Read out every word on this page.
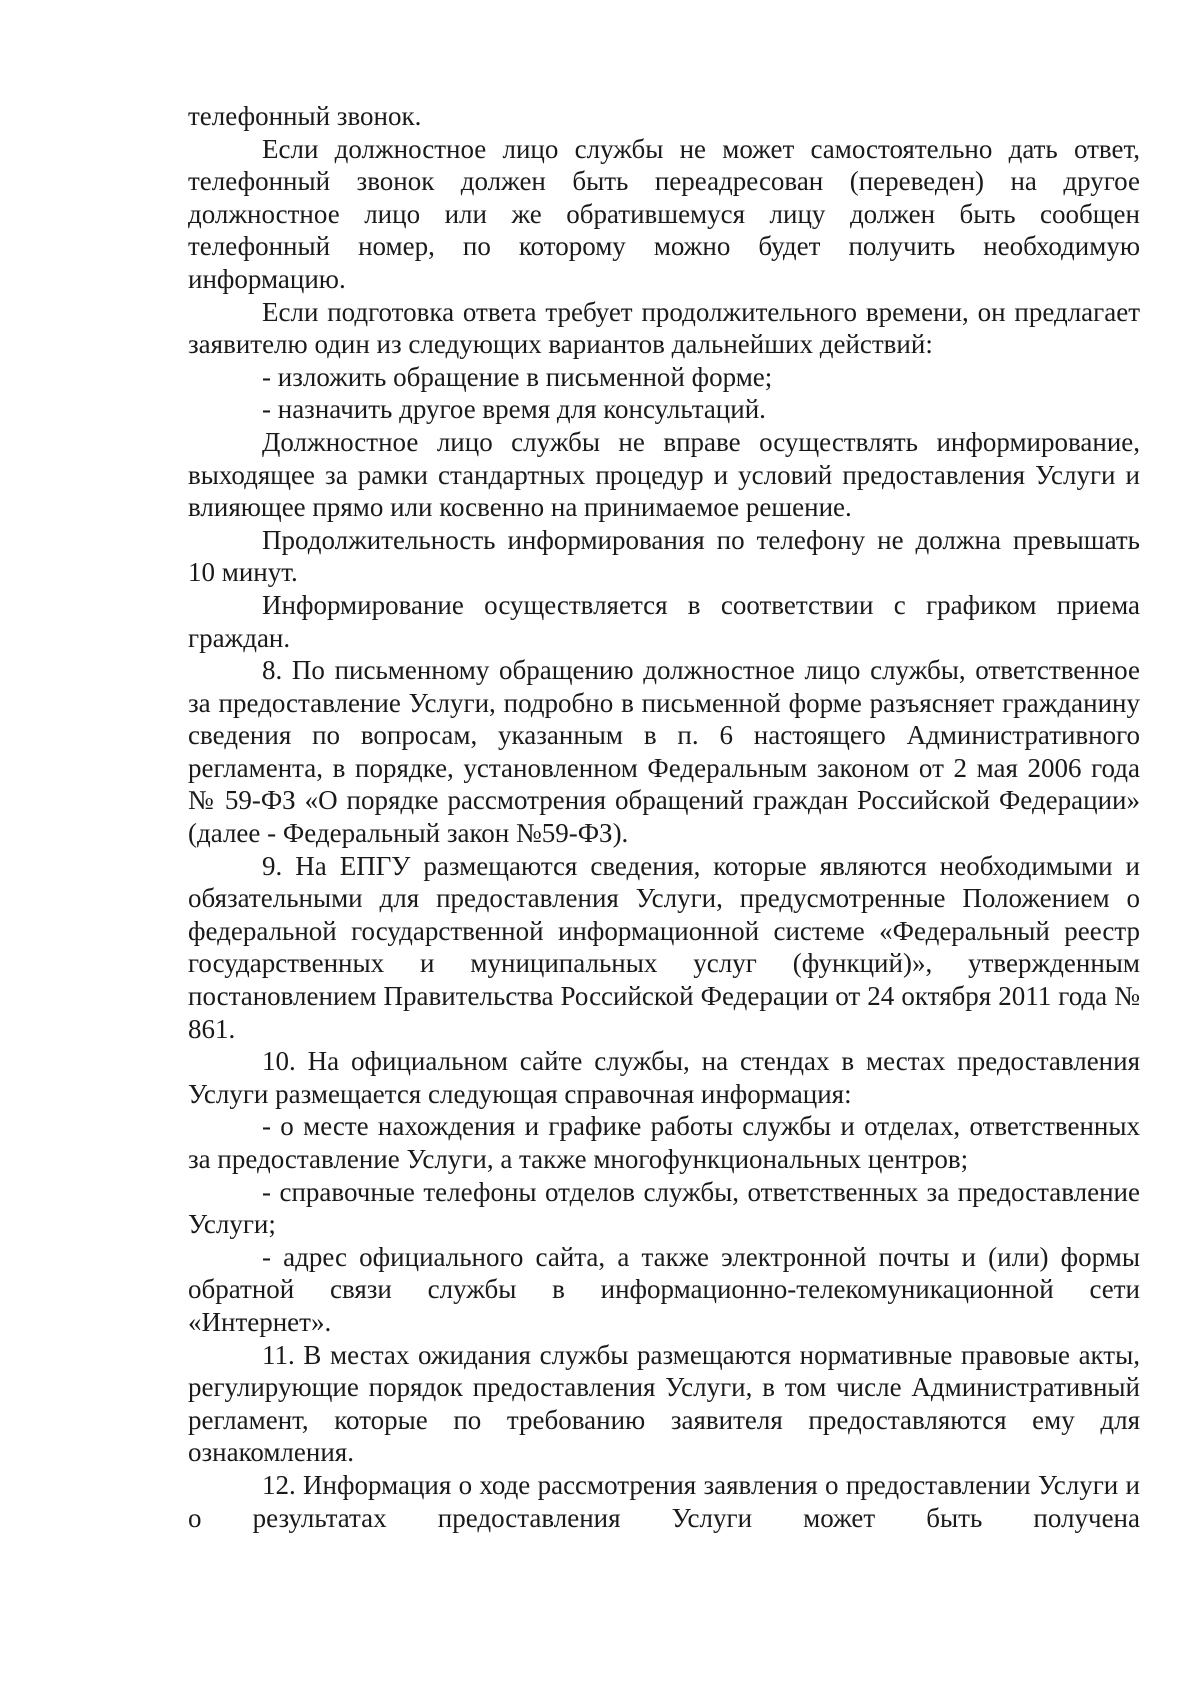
телефонный звонок.

Если должностное лицо службы не может самостоятельно дать ответ, телефонный звонок должен быть переадресован (переведен) на другое должностное лицо или же обратившемуся лицу должен быть сообщен телефонный номер, по которому можно будет получить необходимую информацию.

Если подготовка ответа требует продолжительного времени, он предлагает заявителю один из следующих вариантов дальнейших действий:

- изложить обращение в письменной форме;

- назначить другое время для консультаций.

Должностное лицо службы не вправе осуществлять информирование, выходящее за рамки стандартных процедур и условий предоставления Услуги и влияющее прямо или косвенно на принимаемое решение.

Продолжительность информирования по телефону не должна превышать 10 минут.

Информирование осуществляется в соответствии с графиком приема граждан.

8. По письменному обращению должностное лицо службы, ответственное за предоставление Услуги, подробно в письменной форме разъясняет гражданину сведения по вопросам, указанным в п. 6 настоящего Административного регламента, в порядке, установленном Федеральным законом от 2 мая 2006 года № 59-ФЗ «О порядке рассмотрения обращений граждан Российской Федерации» (далее - Федеральный закон №59-ФЗ).

9. На ЕПГУ размещаются сведения, которые являются необходимыми и обязательными для предоставления Услуги, предусмотренные Положением о федеральной государственной информационной системе «Федеральный реестр государственных и муниципальных услуг (функций)», утвержденным постановлением Правительства Российской Федерации от 24 октября 2011 года № 861.

10. На официальном сайте службы, на стендах в местах предоставления Услуги размещается следующая справочная информация:

- о месте нахождения и графике работы службы и отделах, ответственных за предоставление Услуги, а также многофункциональных центров;

- справочные телефоны отделов службы, ответственных за предоставление Услуги;

- адрес официального сайта, а также электронной почты и (или) формы обратной связи службы в информационно-телекомуникационной сети «Интернет».

11. В местах ожидания службы размещаются нормативные правовые акты, регулирующие порядок предоставления Услуги, в том числе Административный регламент, которые по требованию заявителя предоставляются ему для ознакомления.

12. Информация о ходе рассмотрения заявления о предоставлении Услуги и о результатах предоставления Услуги может быть получена
